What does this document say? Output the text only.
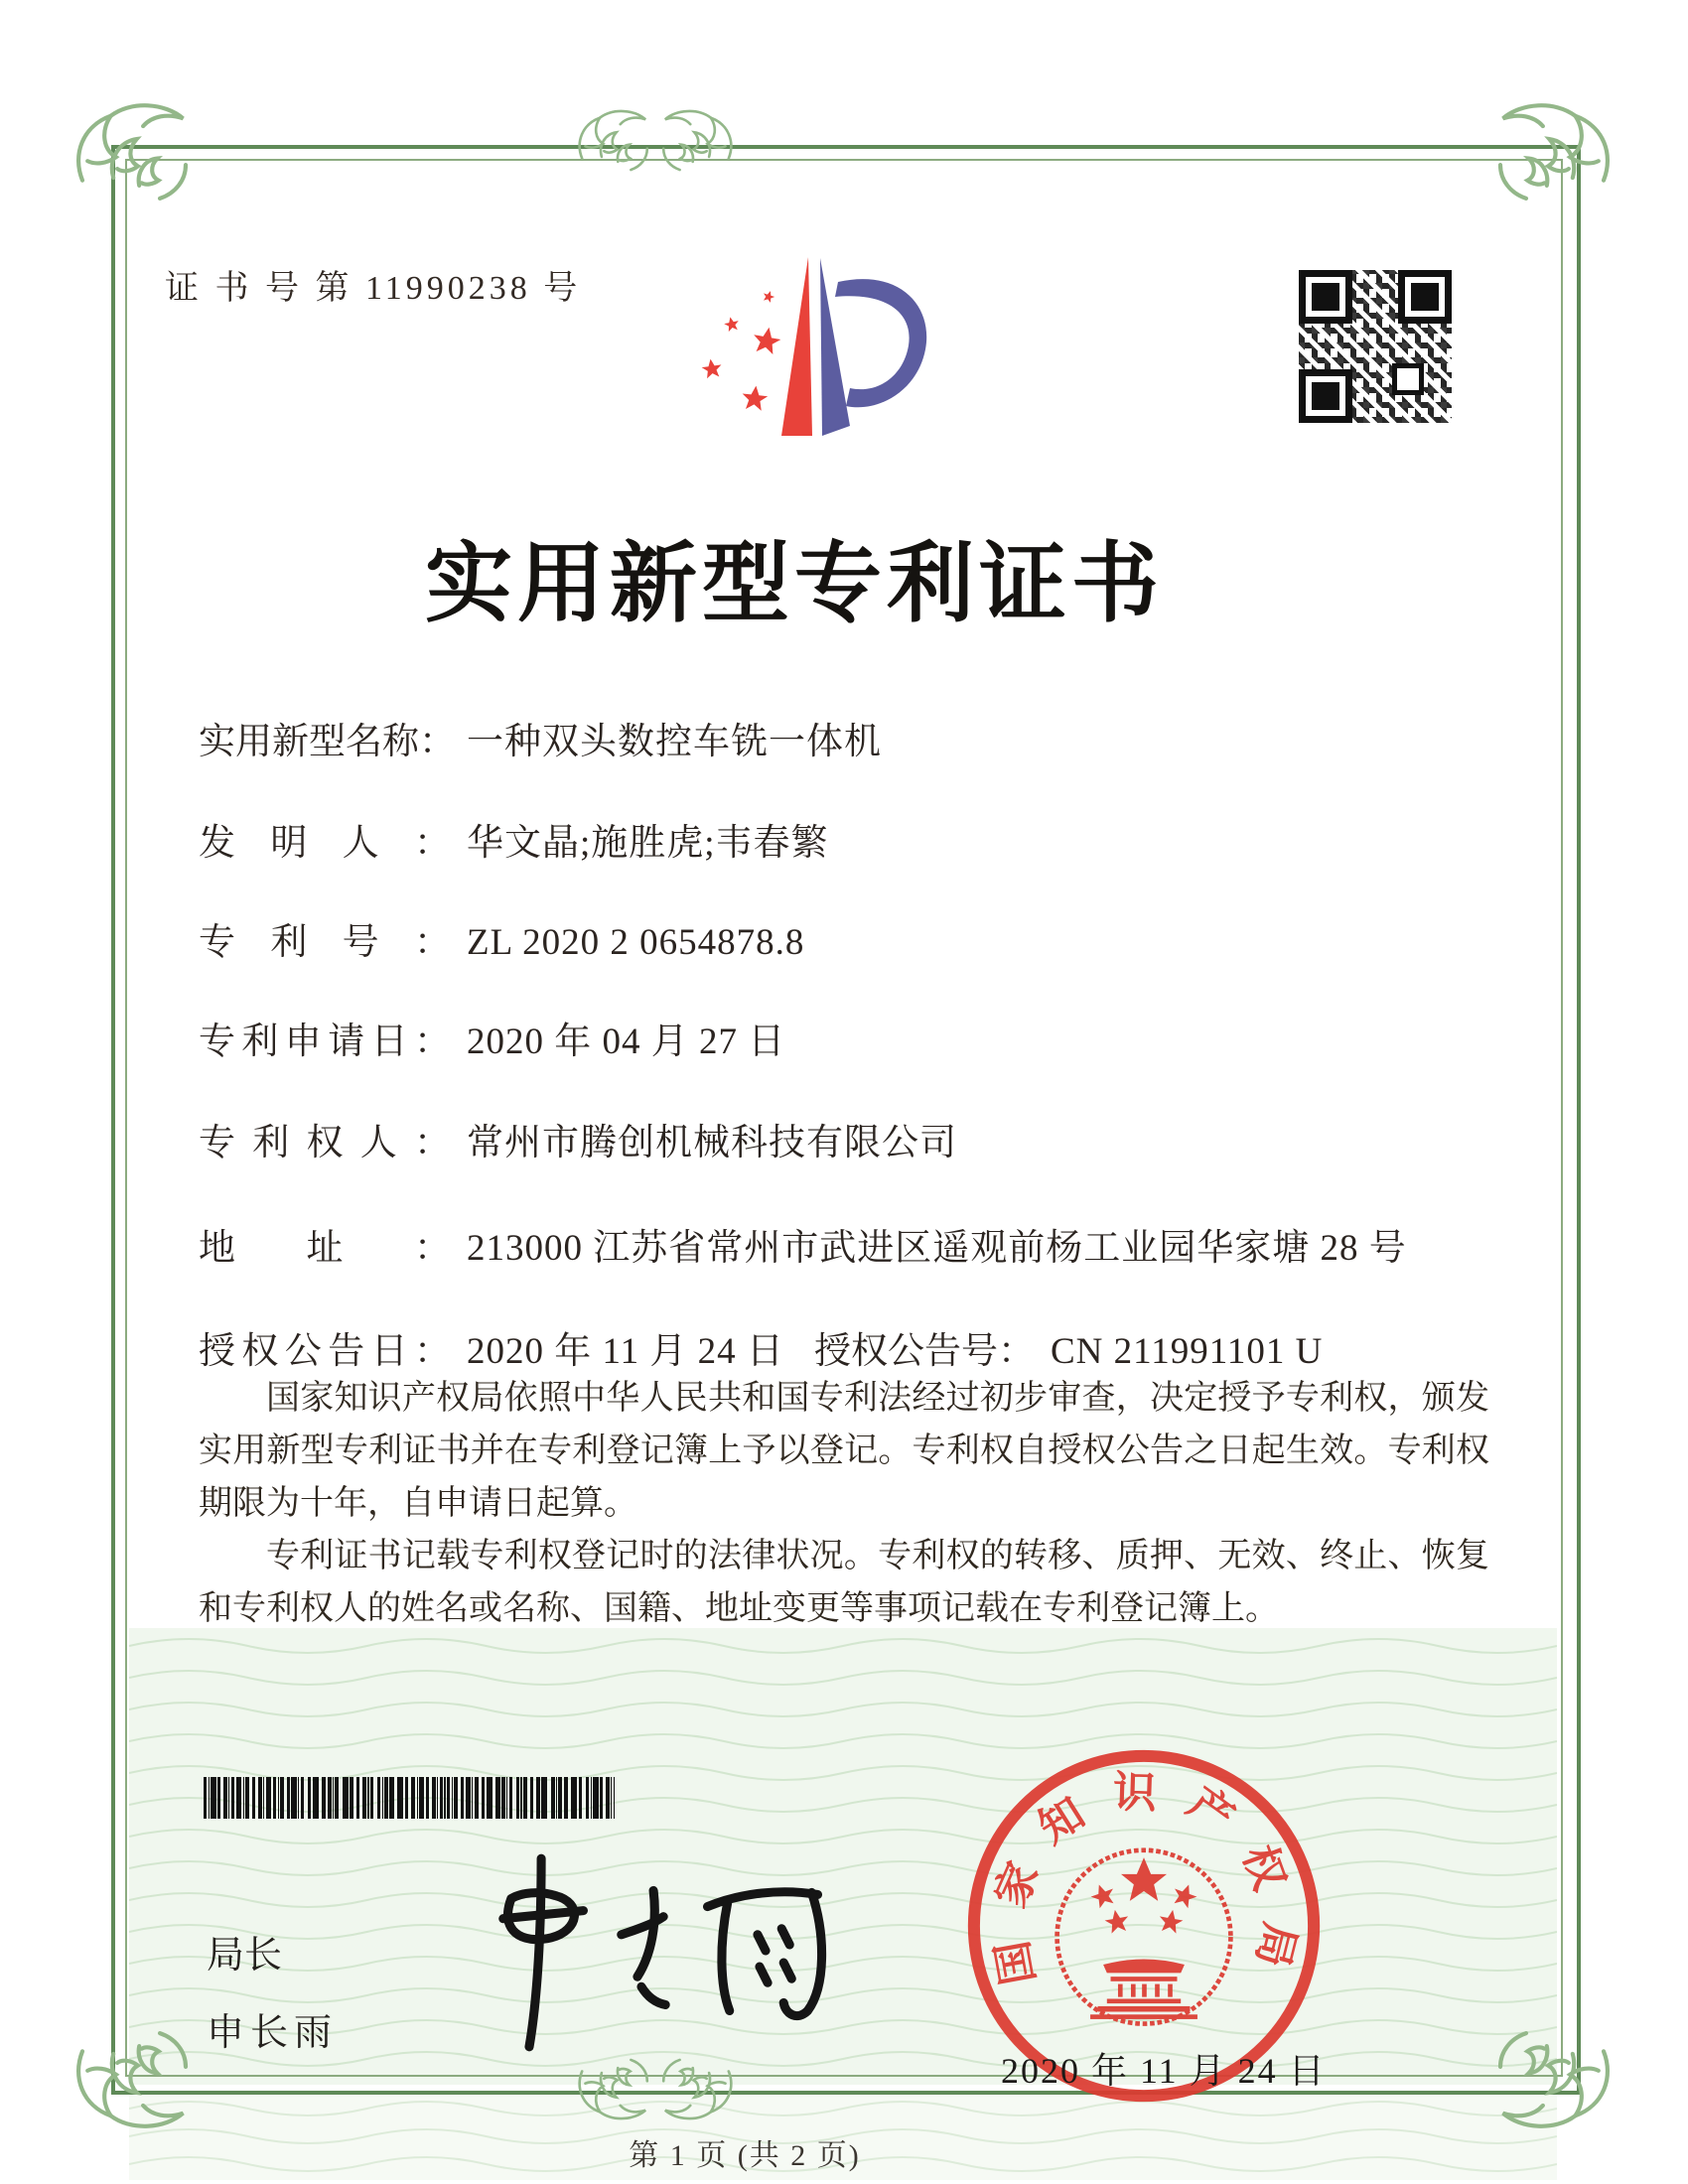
证 书 号 第 11990238 号
实用新型专利证书
实用新型名称： 一种双头数控车铣一体机
发明人： 华文晶;施胜虎;韦春繁
专利号： ZL 2020 2 0654878.8
专利申请日： 2020 年 04 月 27 日
专利权人： 常州市腾创机械科技有限公司
地址： 213000 江苏省常州市武进区遥观前杨工业园华家塘 28 号
授权公告日： 2020 年 11 月 24 日 授权公告号： CN 211991101 U

国家知识产权局依照中华人民共和国专利法经过初步审查，决定授予专利权，颁发实用新型专利证书并在专利登记簿上予以登记。专利权自授权公告之日起生效。专利权期限为十年，自申请日起算。

专利证书记载专利权登记时的法律状况。专利权的转移、质押、无效、终止、恢复和专利权人的姓名或名称、国籍、地址变更等事项记载在专利登记簿上。

局长
申长雨
国家知识产权局
2020 年 11 月 24 日
第 1 页 (共 2 页)
